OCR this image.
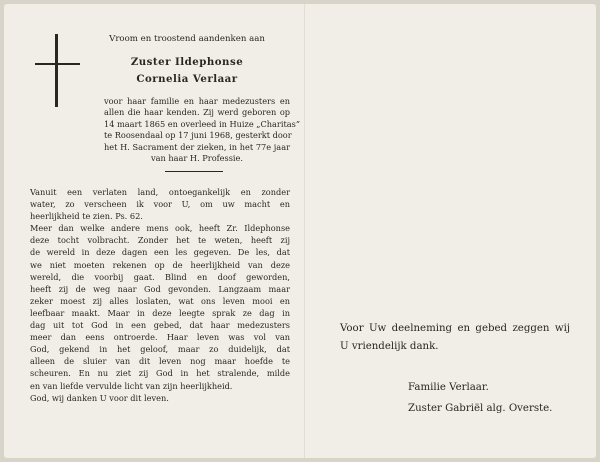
Vroom en troostend aandenken aan
Zuster Ildephonse
Cornelia Verlaar
voor haar familie en haar medezusters en
allen die haar kenden. Zij werd geboren op
14 maart 1865 en overleed in Huize „Charitas”
te Roosendaal op 17 juni 1968, gesterkt door
het H. Sacrament der zieken, in het 77e jaar
van haar H. Professie.
Vanuit een verlaten land, ontoegankelijk en zonder
water, zo verscheen ik voor U, om uw macht en
heerlijkheid te zien. Ps. 62.
Meer dan welke andere mens ook, heeft Zr. Ildephonse
deze tocht volbracht. Zonder het te weten, heeft zij
de wereld in deze dagen een les gegeven. De les, dat
we niet moeten rekenen op de heerlijkheid van deze
wereld, die voorbij gaat. Blind en doof geworden,
heeft zij de weg naar God gevonden. Langzaam maar
zeker moest zij alles loslaten, wat ons leven mooi en
leefbaar maakt. Maar in deze leegte sprak ze dag in
dag uit tot God in een gebed, dat haar medezusters
meer dan eens ontroerde. Haar leven was vol van
God, gekend in het geloof, maar zo duidelijk, dat
alleen de sluier van dit leven nog maar hoefde te
scheuren. En nu ziet zij God in het stralende, milde
en van liefde vervulde licht van zijn heerlijkheid.
God, wij danken U voor dit leven.
Voor Uw deelneming en gebed zeggen wij
U vriendelijk dank.
Familie Verlaar.
Zuster Gabriël alg. Overste.
